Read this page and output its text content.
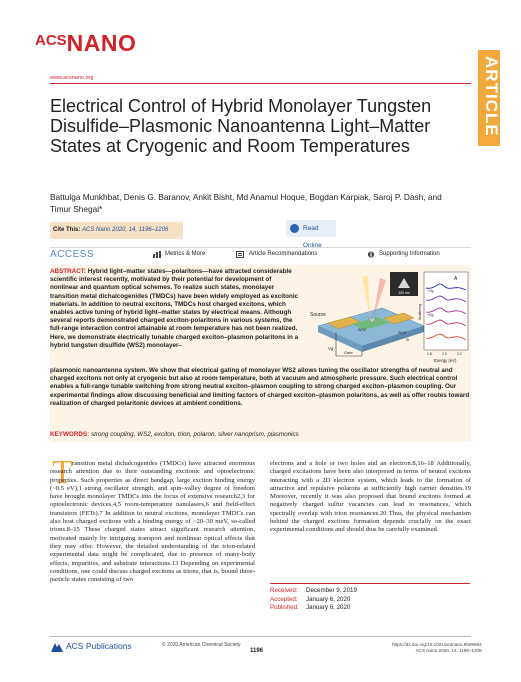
$^{ACS}$NANO
www.acsnano.org	ARTICLE
Electrical Control of Hybrid Monolayer Tungsten Disulfide–Plasmonic Nanoantenna Light–Matter States at Cryogenic and Room Temperatures
Battulga Munkhbat, Denis G. Baranov, Ankit Bisht, Md Anamul Hoque, Bogdan Karpiak, Saroj P. Dash, and Timur Shegai*
Cite This: ACS Nano 2020, 14, 1196–1206	Read Online
ACCESS	Metrics & More	Article Recommendations	Supporting Information
ABSTRACT: Hybrid light–matter states—polaritons—have attracted considerable scientific interest recently, motivated by their potential for development of nonlinear and quantum optical schemes. To realize such states, monolayer transition metal dichalcogenides (TMDCs) have been widely employed as excitonic materials. In addition to neutral excitons, TMDCs host charged excitons, which enables active tuning of hybrid light–matter states by electrical means. Although several reports demonstrated charged exciton-polaritons in various systems, the full-range interaction control attainable at room temperature has not been realized. Here, we demonstrate electrically tunable charged exciton–plasmon polaritons in a hybrid tungsten disulfide (WS2) monolayer–
plasmonic nanoantenna system. We show that electrical gating of monolayer WS2 allows tuning the oscillator strengths of neutral and charged excitons not only at cryogenic but also at room temperature, both at vacuum and atmospheric pressure. Such electrical control enables a full-range tunable switching from strong neutral exciton–plasmon coupling to strong charged exciton–plasmon coupling. Our experimental findings allow discussing beneficial and limiting factors of charged exciton–plasmon polaritons, as well as offer routes toward realization of charged polaritonic devices at ambient conditions.
KEYWORDS: strong coupling, WS2, exciton, trion, polaron, silver nanoprism, plasmonics
100 nm
Source
WS2
SiO2
Si
Vg
Gate
A
−Vg
+Vg
Scattering
1.8	2.0	2.2
Energy (eV)
T ransition metal dichalcogenides (TMDCs) have attracted enormous research attention due to their outstanding excitonic and optoelectronic properties. Such properties as direct bandgap, large exciton binding energy (~0.5 eV),1 strong oscillator strength, and spin–valley degree of freedom have brought monolayer TMDCs into the focus of extensive research2,3 for optoelectronic devices,4,5 room-temperature nanolasers,6 and field-effect transistors (FETs).7 In addition to neutral excitons, monolayer TMDCs can also host charged excitons with a binding energy of ~20–30 meV, so-called trions.8–15 These charged states attract significant research attention, motivated mainly by intriguing transport and nonlinear optical effects that they may offer. However, the detailed understanding of the trion-related experimental data might be complicated, due to presence of many-body effects, impurities, and substrate interactions.13 Depending on experimental conditions, one could discuss charged excitons as trions, that is, bound three-particle states consisting of two
electrons and a hole or two holes and an electron.8,16–18 Additionally, charged excitations have been also interpreted in terms of neutral excitons interacting with a 2D electron system, which leads to the formation of attractive and repulsive polarons at sufficiently high carrier densities.19 Moreover, recently it was also proposed that bound excitons formed at negatively charged sulfur vacancies can lead to resonances, which spectrally overlap with trion resonances.20 Thus, the physical mechanism behind the charged excitons formation depends crucially on the exact experimental conditions and should thus be carefully examined.
Received: December 9, 2019
Accepted: January 6, 2020
Published: January 6, 2020
ACS Publications	© 2020 American Chemical Society
1196
https://dx.doi.org/10.1021/acsnano.9b09684
ACS Nano 2020, 14, 1196–1206
